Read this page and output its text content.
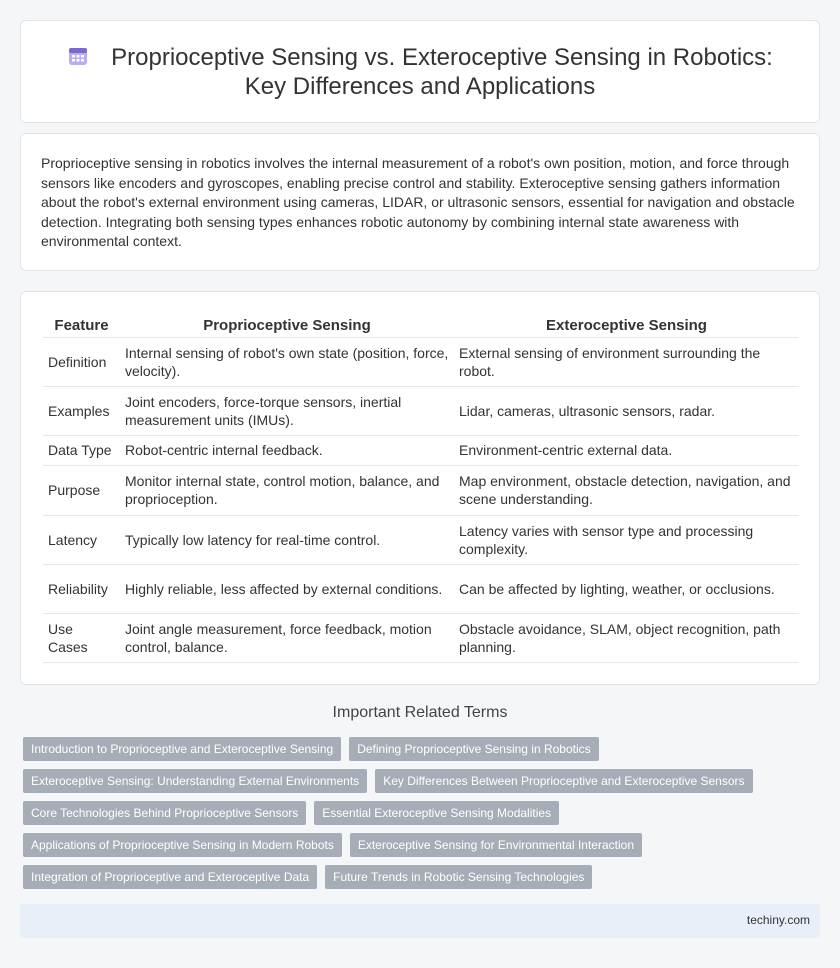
Proprioceptive Sensing vs. Exteroceptive Sensing in Robotics: Key Differences and Applications

Proprioceptive sensing in robotics involves the internal measurement of a robot's own position, motion, and force through sensors like encoders and gyroscopes, enabling precise control and stability. Exteroceptive sensing gathers information about the robot's external environment using cameras, LIDAR, or ultrasonic sensors, essential for navigation and obstacle detection. Integrating both sensing types enhances robotic autonomy by combining internal state awareness with environmental context.

Feature	Proprioceptive Sensing	Exteroceptive Sensing
Definition	Internal sensing of robot's own state (position, force, velocity).	External sensing of environment surrounding the robot.
Examples	Joint encoders, force-torque sensors, inertial measurement units (IMUs).	Lidar, cameras, ultrasonic sensors, radar.
Data Type	Robot-centric internal feedback.	Environment-centric external data.
Purpose	Monitor internal state, control motion, balance, and proprioception.	Map environment, obstacle detection, navigation, and scene understanding.
Latency	Typically low latency for real-time control.	Latency varies with sensor type and processing complexity.
Reliability	Highly reliable, less affected by external conditions.	Can be affected by lighting, weather, or occlusions.
Use Cases	Joint angle measurement, force feedback, motion control, balance.	Obstacle avoidance, SLAM, object recognition, path planning.
Important Related Terms
Introduction to Proprioceptive and Exteroceptive Sensing	Defining Proprioceptive Sensing in Robotics
Exteroceptive Sensing: Understanding External Environments	Key Differences Between Proprioceptive and Exteroceptive Sensors
Core Technologies Behind Proprioceptive Sensors	Essential Exteroceptive Sensing Modalities
Applications of Proprioceptive Sensing in Modern Robots	Exteroceptive Sensing for Environmental Interaction
Integration of Proprioceptive and Exteroceptive Data	Future Trends in Robotic Sensing Technologies
techiny.com
